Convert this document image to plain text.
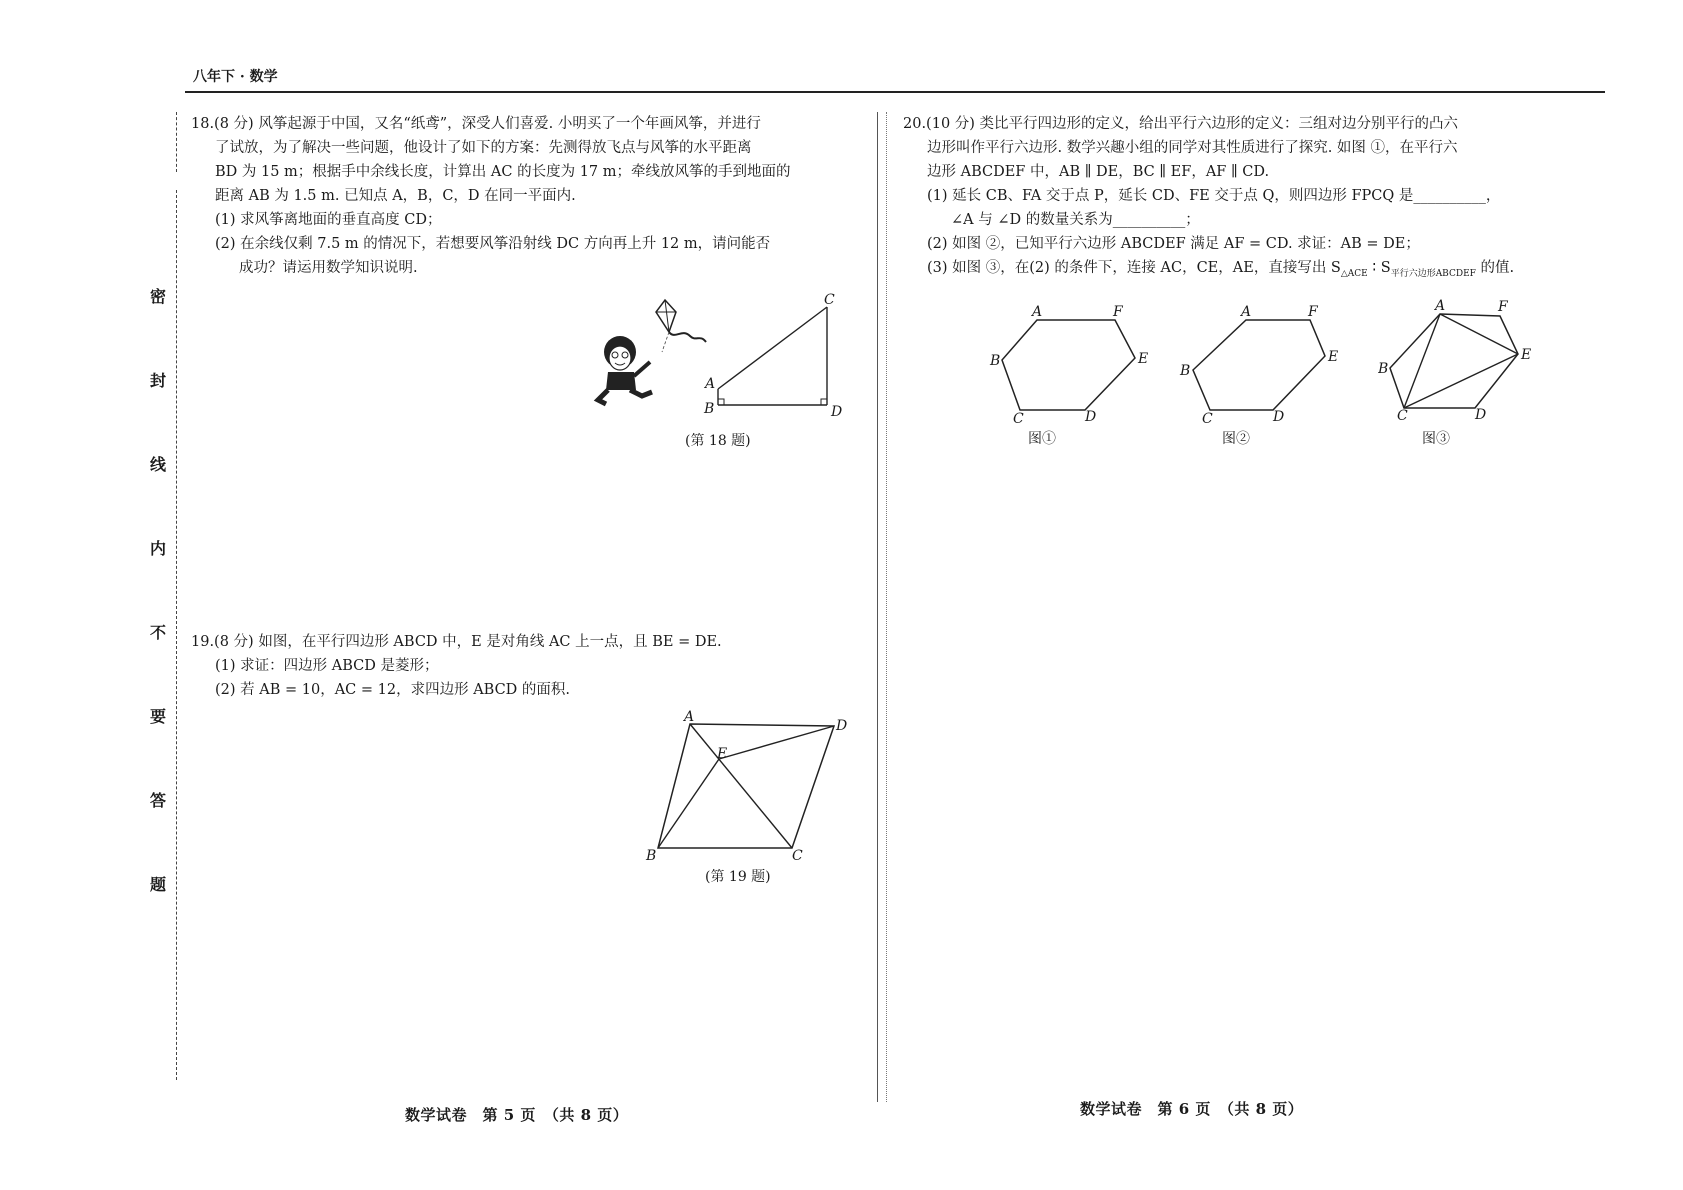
八年下 · 数学
密
封
线
内
不
要
答
题

18.(8 分) 风筝起源于中国，又名“纸鸢”，深受人们喜爱. 小明买了一个年画风筝，并进行

了试放，为了解决一些问题，他设计了如下的方案：先测得放飞点与风筝的水平距离

BD 为 15 m；根据手中余线长度，计算出 AC 的长度为 17 m；牵线放风筝的手到地面的

距离 AB 为 1.5 m. 已知点 A，B，C，D 在同一平面内.

(1) 求风筝离地面的垂直高度 CD；

(2) 在余线仅剩 7.5 m 的情况下，若想要风筝沿射线 DC 方向再上升 12 m，请问能否

成功？请运用数学知识说明.

A
B
C
D
(第 18 题)

19.(8 分) 如图，在平行四边形 ABCD 中，E 是对角线 AC 上一点，且 BE = DE.

(1) 求证：四边形 ABCD 是菱形；

(2) 若 AB = 10，AC = 12，求四边形 ABCD 的面积.

A
B	C
D
E
(第 19 题)

20.(10 分) 类比平行四边形的定义，给出平行六边形的定义：三组对边分别平行的凸六

边形叫作平行六边形. 数学兴趣小组的同学对其性质进行了探究. 如图 ①，在平行六

边形 ABCDEF 中，AB ∥ DE，BC ∥ EF，AF ∥ CD.

(1) 延长 CB、FA 交于点 P，延长 CD、FE 交于点 Q，则四边形 FPCQ 是__________，

∠A 与 ∠D 的数量关系为__________；

(2) 如图 ②，已知平行六边形 ABCDEF 满足 AF = CD. 求证：AB = DE；

(3) 如图 ③，在(2) 的条件下，连接 AC，CE，AE，直接写出 $S_{\triangle ACE}$ ∶ $S_{平行六边形ABCDEF}$ 的值.

A
B
C	D
E
F
图①
A
B
C	D
E
F
图②
A
B
C	D
E
F
图③
数学试卷　第 5 页　（共 8 页）	数学试卷　第 6 页　（共 8 页）
